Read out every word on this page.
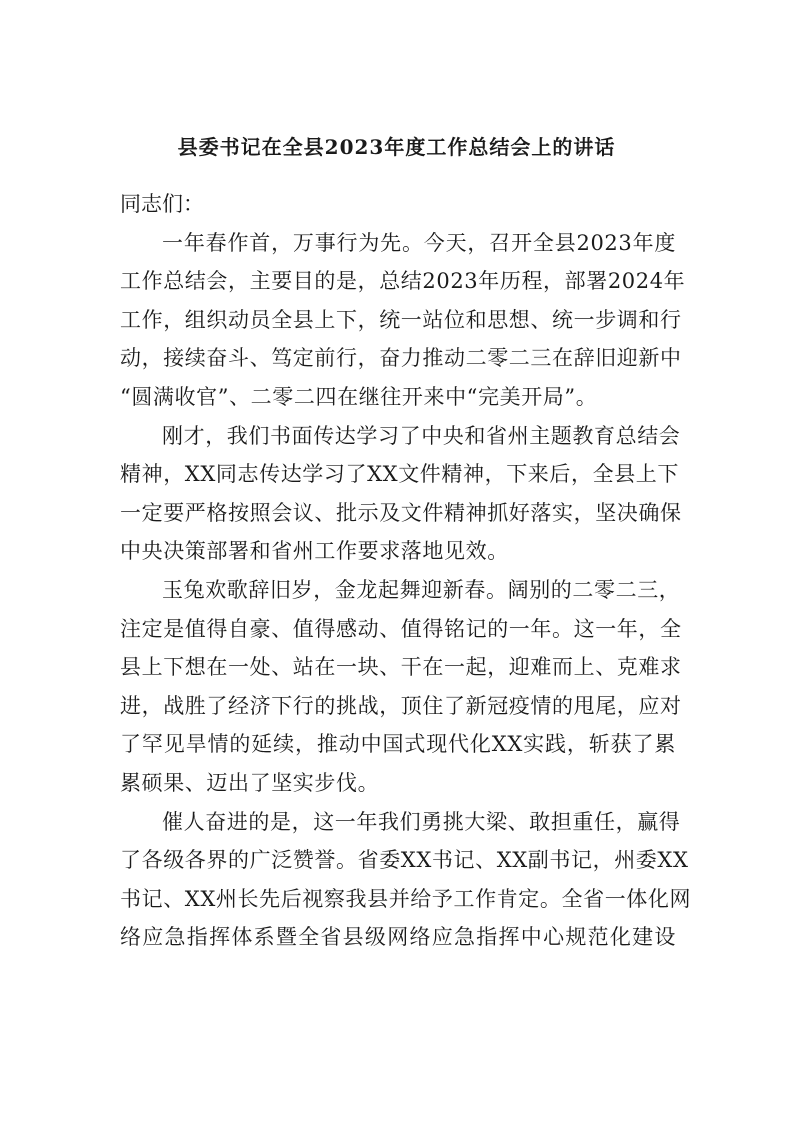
县委书记在全县2023年度工作总结会上的讲话
同志们：
一年春作首，万事行为先。今天，召开全县2023年度
工作总结会，主要目的是，总结2023年历程，部署2024年
工作，组织动员全县上下，统一站位和思想、统一步调和行
动，接续奋斗、笃定前行，奋力推动二零二三在辞旧迎新中
“圆满收官”、二零二四在继往开来中“完美开局”。
刚才，我们书面传达学习了中央和省州主题教育总结会
精神，XX同志传达学习了XX文件精神，下来后，全县上下
一定要严格按照会议、批示及文件精神抓好落实，坚决确保
中央决策部署和省州工作要求落地见效。
玉兔欢歌辞旧岁，金龙起舞迎新春。阔别的二零二三，
注定是值得自豪、值得感动、值得铭记的一年。这一年，全
县上下想在一处、站在一块、干在一起，迎难而上、克难求
进，战胜了经济下行的挑战，顶住了新冠疫情的甩尾，应对
了罕见旱情的延续，推动中国式现代化XX实践，斩获了累
累硕果、迈出了坚实步伐。
催人奋进的是，这一年我们勇挑大梁、敢担重任，赢得
了各级各界的广泛赞誉。省委XX书记、XX副书记，州委XX
书记、XX州长先后视察我县并给予工作肯定。全省一体化网
络应急指挥体系暨全省县级网络应急指挥中心规范化建设
